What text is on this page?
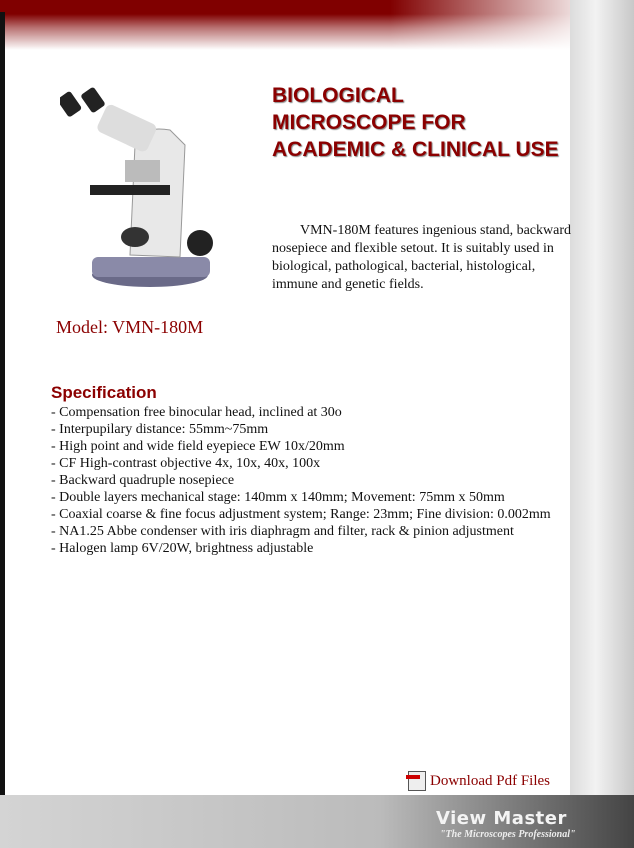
BIOLOGICAL
MICROSCOPE FOR
ACADEMIC & CLINICAL USE
VMN-180M features ingenious stand, backward nosepiece and flexible setout. It is suitably used in biological, pathological, bacterial, histological, immune and genetic fields.
Model: VMN-180M
Specification
- Compensation free binocular head, inclined at 30o
- Interpupilary distance: 55mm~75mm
- High point and wide field eyepiece EW 10x/20mm
- CF High-contrast objective 4x, 10x, 40x, 100x
- Backward quadruple nosepiece
- Double layers mechanical stage: 140mm x 140mm; Movement: 75mm x 50mm
- Coaxial coarse & fine focus adjustment system; Range: 23mm; Fine division: 0.002mm
- NA1.25 Abbe condenser with iris diaphragm and filter, rack & pinion adjustment
- Halogen lamp 6V/20W, brightness adjustable
Download Pdf Files
View Master
"The Microscopes Professional"
